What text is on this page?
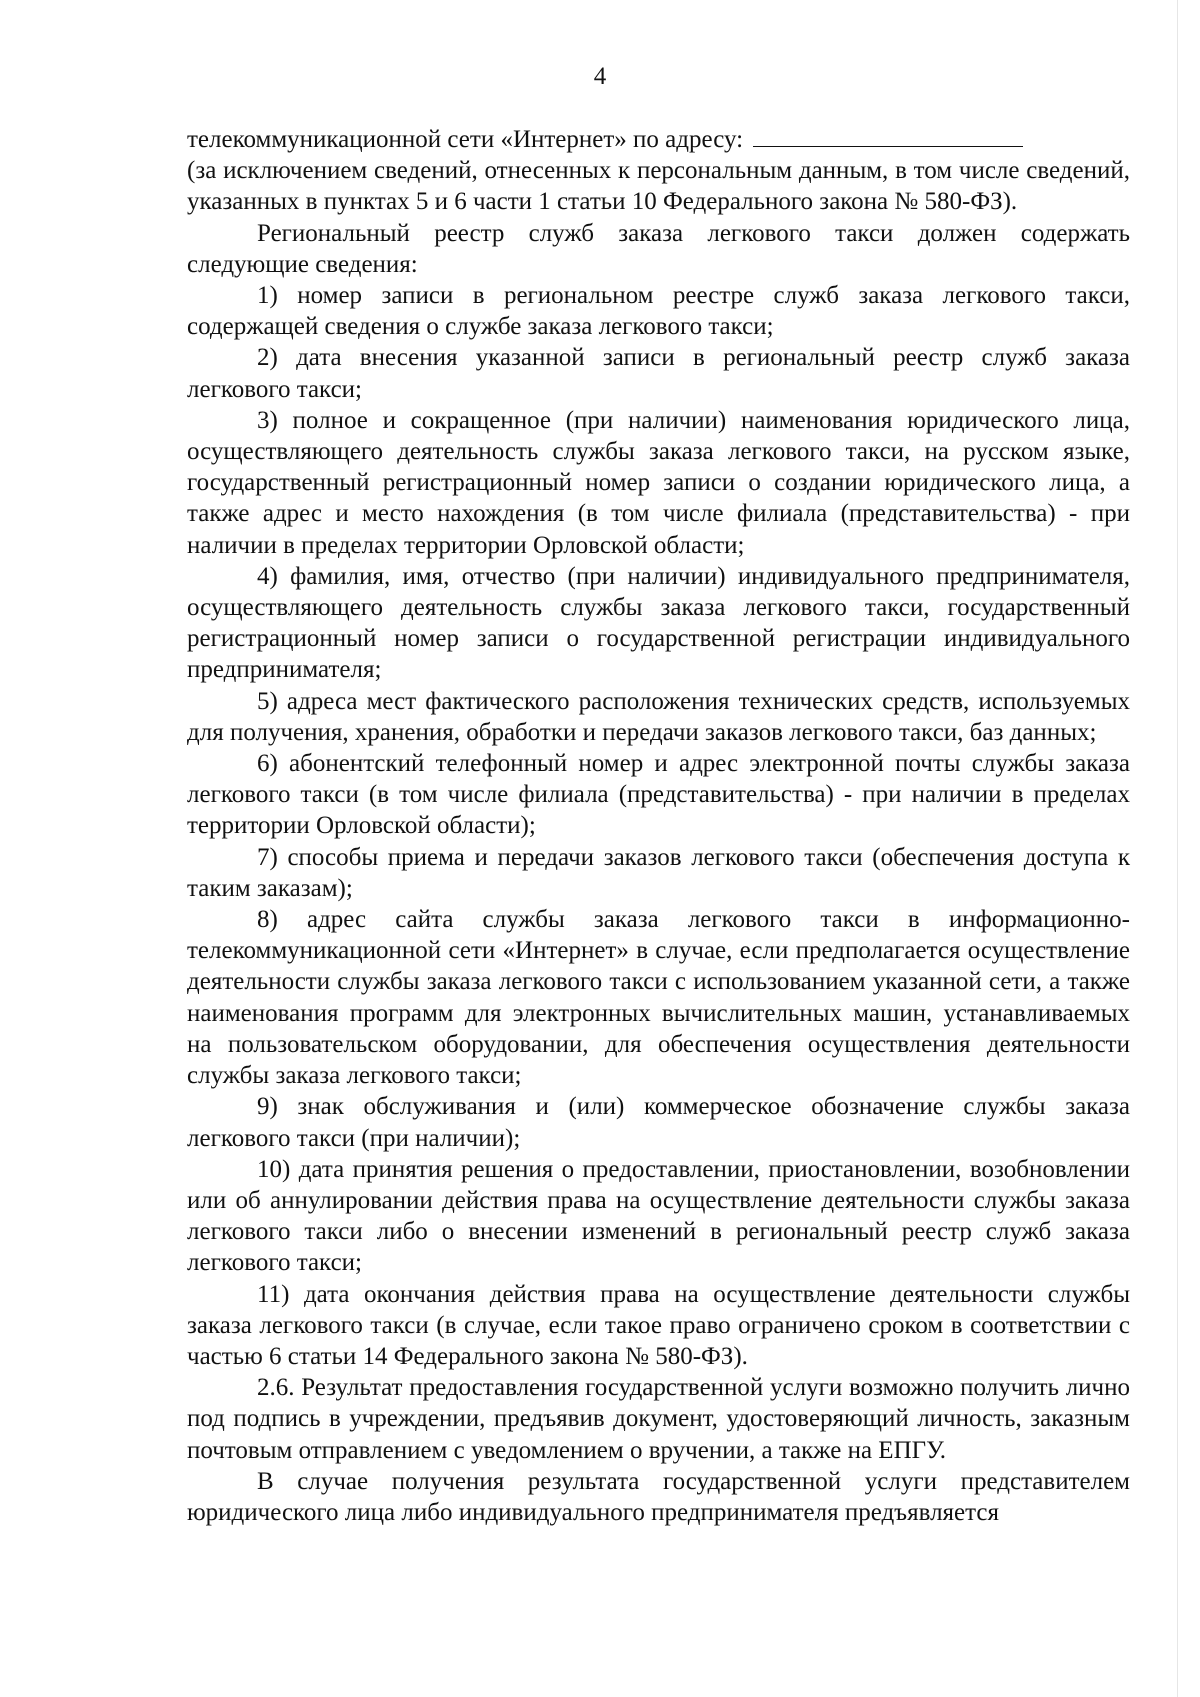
4

телекоммуникационной сети «Интернет» по адресу:

(за исключением сведений, отнесенных к персональным данным, в том числе сведений, указанных в пунктах 5 и 6 части 1 статьи 10 Федерального закона № 580-ФЗ).

Региональный реестр служб заказа легкового такси должен содержать следующие сведения:

1) номер записи в региональном реестре служб заказа легкового такси, содержащей сведения о службе заказа легкового такси;

2) дата внесения указанной записи в региональный реестр служб заказа легкового такси;

3) полное и сокращенное (при наличии) наименования юридического лица, осуществляющего деятельность службы заказа легкового такси, на русском языке, государственный регистрационный номер записи о создании юридического лица, а также адрес и место нахождения (в том числе филиала (представительства) - при наличии в пределах территории Орловской области;

4) фамилия, имя, отчество (при наличии) индивидуального предпринимателя, осуществляющего деятельность службы заказа легкового такси, государственный регистрационный номер записи о государственной регистрации индивидуального предпринимателя;

5) адреса мест фактического расположения технических средств, используемых для получения, хранения, обработки и передачи заказов легкового такси, баз данных;

6) абонентский телефонный номер и адрес электронной почты службы заказа легкового такси (в том числе филиала (представительства) - при наличии в пределах территории Орловской области);

7) способы приема и передачи заказов легкового такси (обеспечения доступа к таким заказам);

8) адрес сайта службы заказа легкового такси в информационно-телекоммуникационной сети «Интернет» в случае, если предполагается осуществление деятельности службы заказа легкового такси с использованием указанной сети, а также наименования программ для электронных вычислительных машин, устанавливаемых на пользовательском оборудовании, для обеспечения осуществления деятельности службы заказа легкового такси;

9) знак обслуживания и (или) коммерческое обозначение службы заказа легкового такси (при наличии);

10) дата принятия решения о предоставлении, приостановлении, возобновлении или об аннулировании действия права на осуществление деятельности службы заказа легкового такси либо о внесении изменений в региональный реестр служб заказа легкового такси;

11) дата окончания действия права на осуществление деятельности службы заказа легкового такси (в случае, если такое право ограничено сроком в соответствии с частью 6 статьи 14 Федерального закона № 580-ФЗ).

2.6. Результат предоставления государственной услуги возможно получить лично под подпись в учреждении, предъявив документ, удостоверяющий личность, заказным почтовым отправлением с уведомлением о вручении, а также на ЕПГУ.

В случае получения результата государственной услуги представителем юридического лица либо индивидуального предпринимателя предъявляется
